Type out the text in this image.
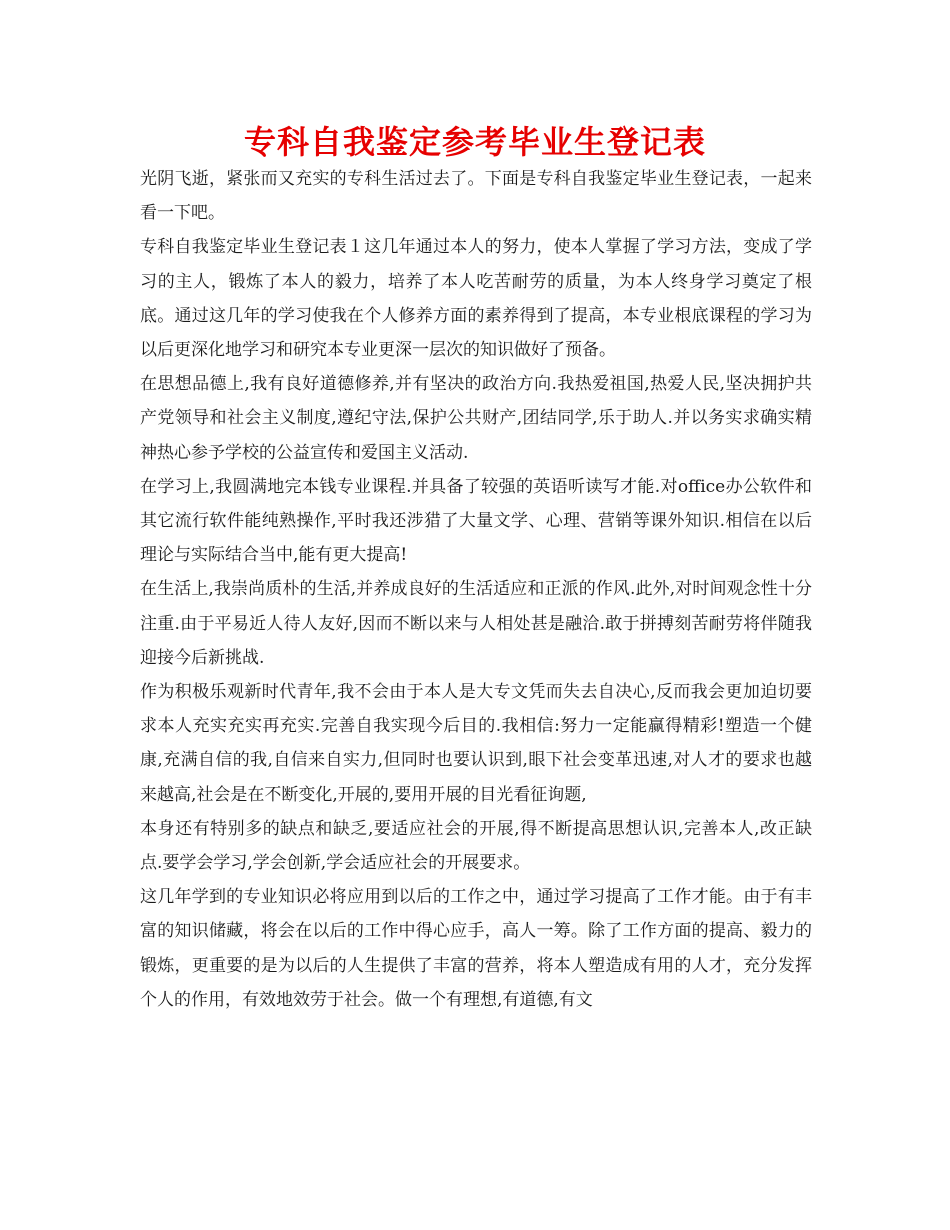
专科自我鉴定参考毕业生登记表

光阴飞逝，紧张而又充实的专科生活过去了。下面是专科自我鉴定毕业生登记表，一起来看一下吧。

专科自我鉴定毕业生登记表１这几年通过本人的努力，使本人掌握了学习方法，变成了学习的主人，锻炼了本人的毅力，培养了本人吃苦耐劳的质量，为本人终身学习奠定了根底。通过这几年的学习使我在个人修养方面的素养得到了提高，本专业根底课程的学习为以后更深化地学习和研究本专业更深一层次的知识做好了预备。

在思想品德上,我有良好道德修养,并有坚决的政治方向.我热爱祖国,热爱人民,坚决拥护共产党领导和社会主义制度,遵纪守法,保护公共财产,团结同学,乐于助人.并以务实求确实精神热心参予学校的公益宣传和爱国主义活动.

在学习上,我圆满地完本钱专业课程.并具备了较强的英语听读写才能.对office办公软件和其它流行软件能纯熟操作,平时我还涉猎了大量文学、心理、营销等课外知识.相信在以后理论与实际结合当中,能有更大提高!

在生活上,我崇尚质朴的生活,并养成良好的生活适应和正派的作风.此外,对时间观念性十分注重.由于平易近人待人友好,因而不断以来与人相处甚是融洽.敢于拼搏刻苦耐劳将伴随我迎接今后新挑战.

作为积极乐观新时代青年,我不会由于本人是大专文凭而失去自决心,反而我会更加迫切要求本人充实充实再充实.完善自我实现今后目的.我相信:努力一定能赢得精彩!塑造一个健康,充满自信的我,自信来自实力,但同时也要认识到,眼下社会变革迅速,对人才的要求也越来越高,社会是在不断变化,开展的,要用开展的目光看征询题,

本身还有特别多的缺点和缺乏,要适应社会的开展,得不断提高思想认识,完善本人,改正缺点.要学会学习,学会创新,学会适应社会的开展要求。

这几年学到的专业知识必将应用到以后的工作之中，通过学习提高了工作才能。由于有丰富的知识储藏，将会在以后的工作中得心应手，高人一筹。除了工作方面的提高、毅力的锻炼，更重要的是为以后的人生提供了丰富的营养，将本人塑造成有用的人才，充分发挥个人的作用，有效地效劳于社会。做一个有理想,有道德,有文
